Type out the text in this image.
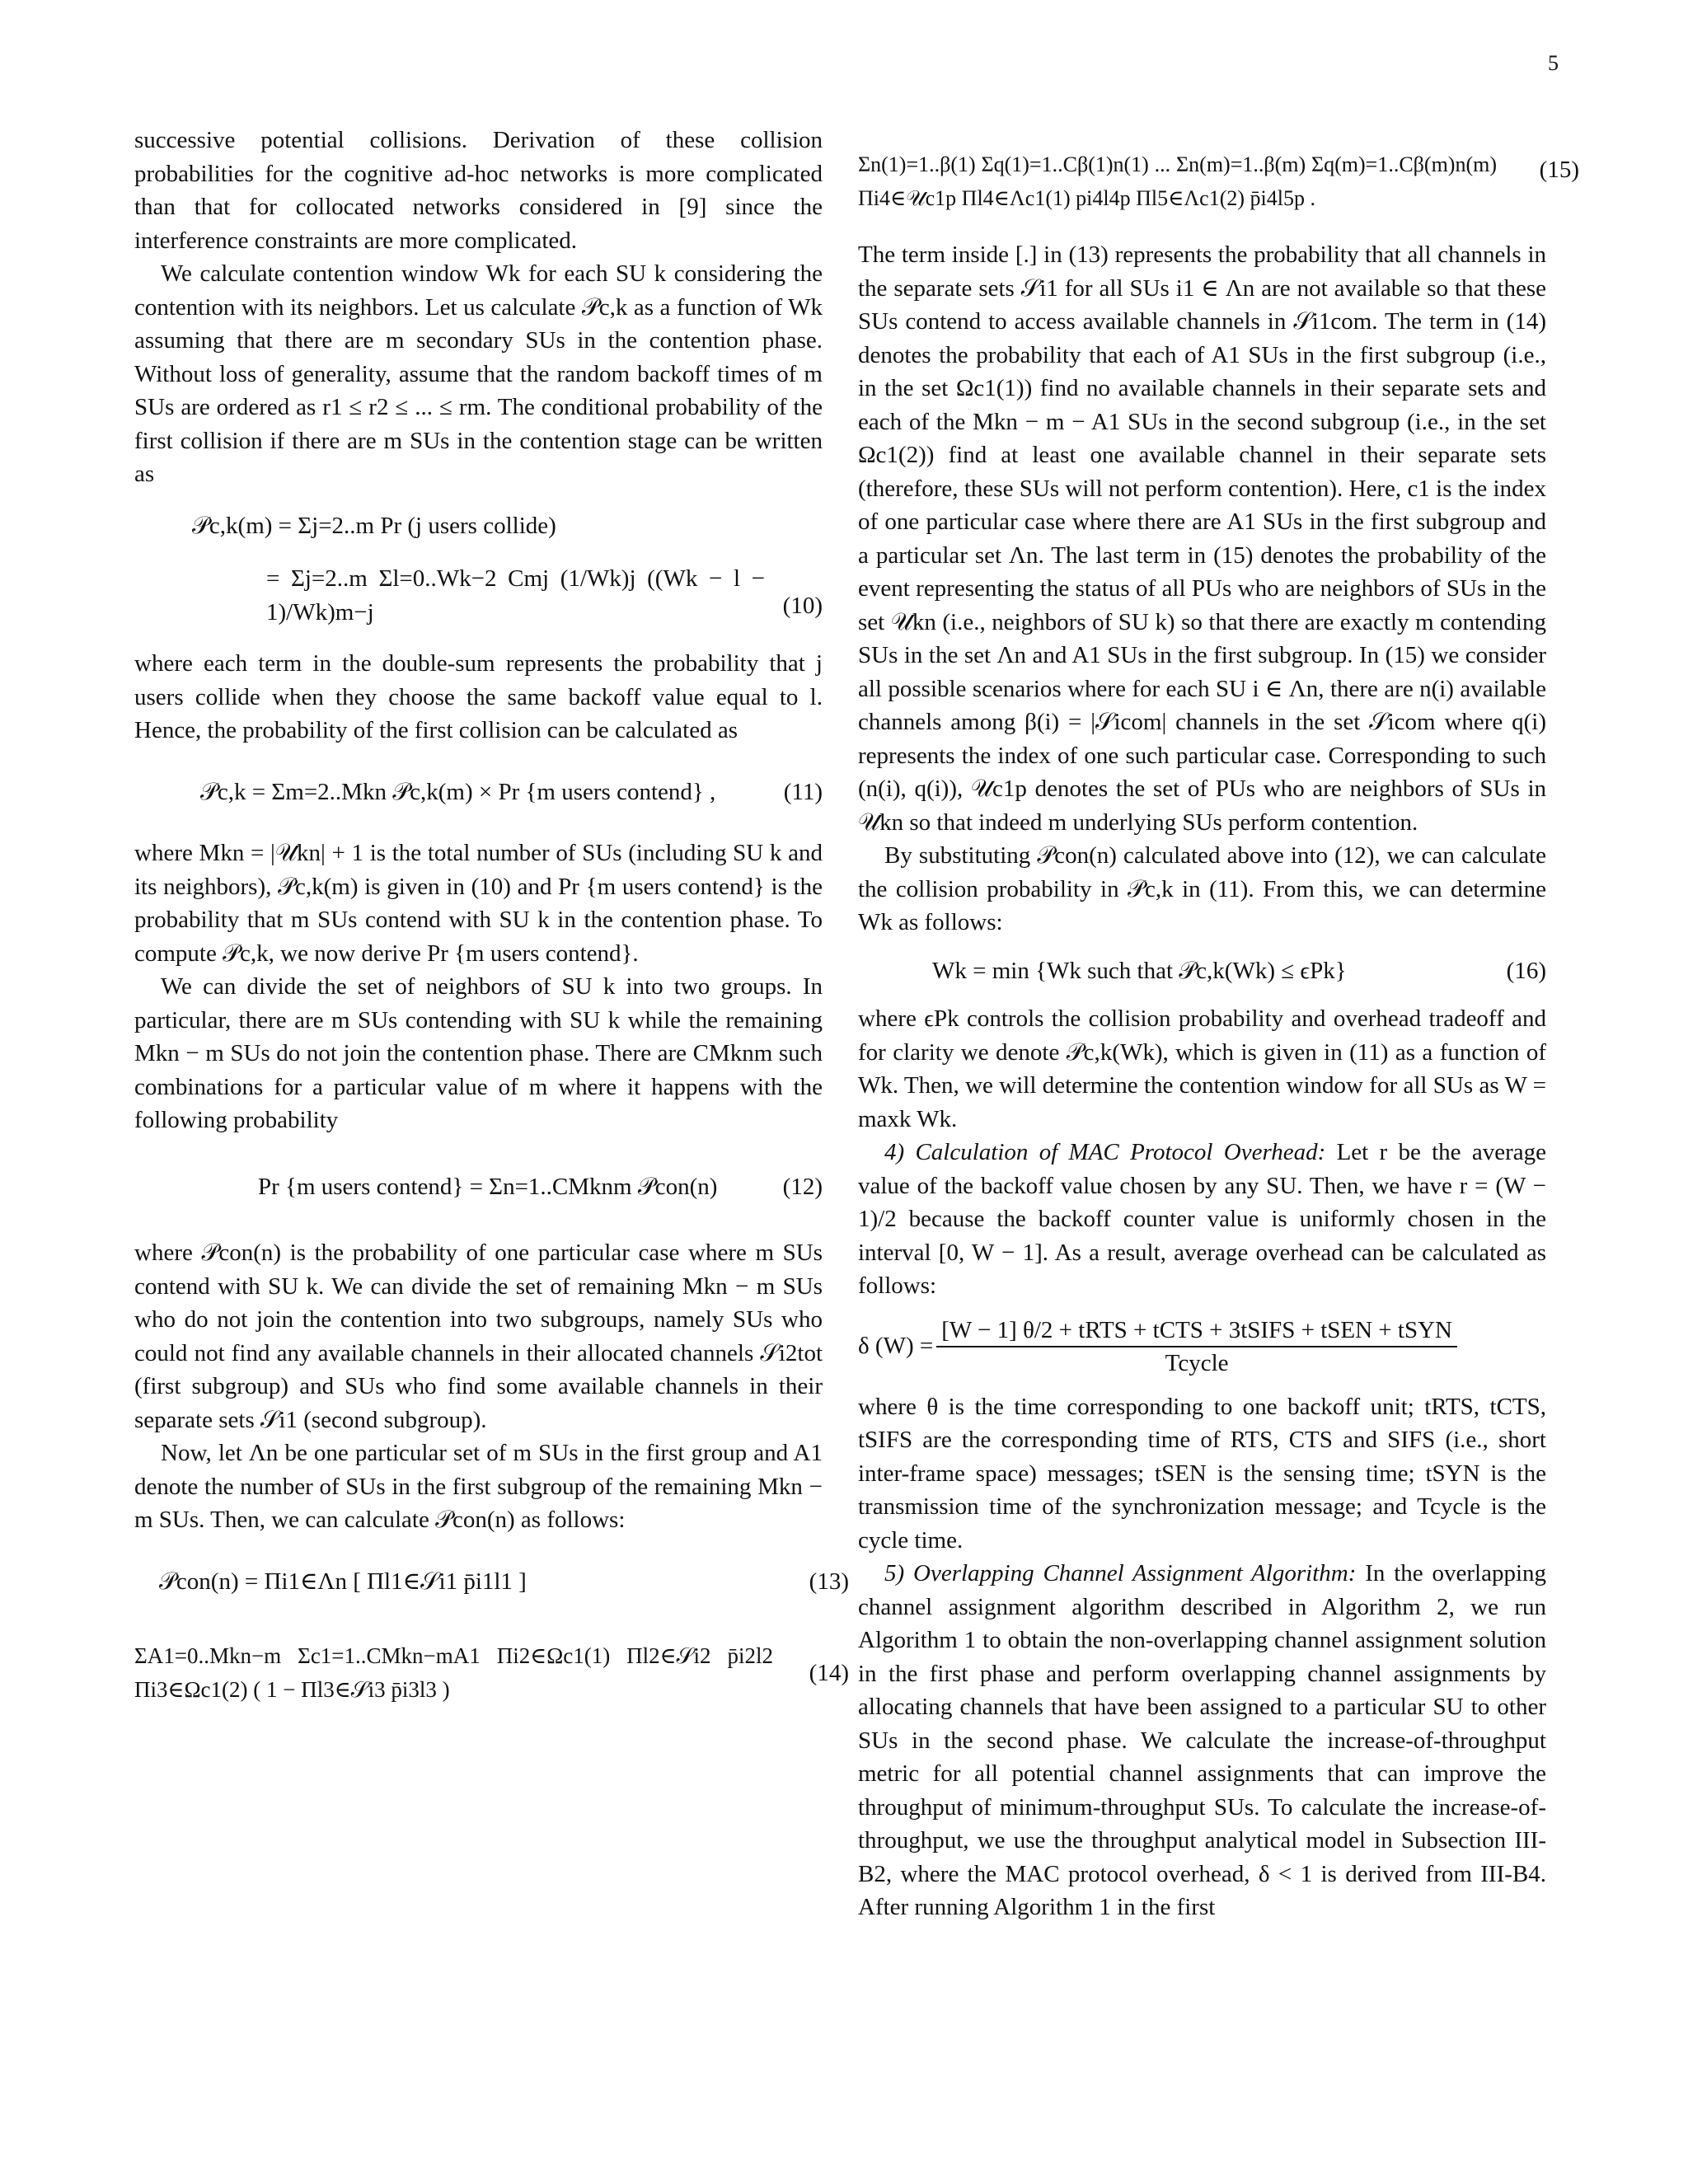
5

successive potential collisions. Derivation of these collision probabilities for the cognitive ad-hoc networks is more complicated than that for collocated networks considered in [9] since the interference constraints are more complicated.

We calculate contention window Wk for each SU k considering the contention with its neighbors. Let us calculate 𝒫c,k as a function of Wk assuming that there are m secondary SUs in the contention phase. Without loss of generality, assume that the random backoff times of m SUs are ordered as r1 ≤ r2 ≤ ... ≤ rm. The conditional probability of the first collision if there are m SUs in the contention stage can be written as

𝒫c,k(m) = Σj=2..m Pr (j users collide)
= Σj=2..m Σl=0..Wk−2 Cmj (1/Wk)j ((Wk − l − 1)/Wk)m−j	(10)

where each term in the double-sum represents the probability that j users collide when they choose the same backoff value equal to l. Hence, the probability of the first collision can be calculated as

𝒫c,k = Σm=2..Mkn 𝒫c,k(m) × Pr {m users contend} ,	(11)

where Mkn = |𝒰kn| + 1 is the total number of SUs (including SU k and its neighbors), 𝒫c,k(m) is given in (10) and Pr {m users contend} is the probability that m SUs contend with SU k in the contention phase. To compute 𝒫c,k, we now derive Pr {m users contend}.

We can divide the set of neighbors of SU k into two groups. In particular, there are m SUs contending with SU k while the remaining Mkn − m SUs do not join the contention phase. There are CMknm such combinations for a particular value of m where it happens with the following probability

Pr {m users contend} = Σn=1..CMknm 𝒫con(n)	(12)

where 𝒫con(n) is the probability of one particular case where m SUs contend with SU k. We can divide the set of remaining Mkn − m SUs who do not join the contention into two subgroups, namely SUs who could not find any available channels in their allocated channels 𝒮i2tot (first subgroup) and SUs who find some available channels in their separate sets 𝒮i1 (second subgroup).

Now, let Λn be one particular set of m SUs in the first group and A1 denote the number of SUs in the first subgroup of the remaining Mkn − m SUs. Then, we can calculate 𝒫con(n) as follows:

𝒫con(n) = Πi1∈Λn [ Πl1∈𝒮i1 p̄i1l1 ]	(13)
ΣA1=0..Mkn−m Σc1=1..CMkn−mA1 Πi2∈Ωc1(1) Πl2∈𝒮i2 p̄i2l2 Πi3∈Ωc1(2) ( 1 − Πl3∈𝒮i3 p̄i3l3 )
(14)
Σn(1)=1..β(1) Σq(1)=1..Cβ(1)n(1) ... Σn(m)=1..β(m) Σq(m)=1..Cβ(m)n(m) Πi4∈𝒰c1p Πl4∈Λc1(1) pi4l4p Πl5∈Λc1(2) p̄i4l5p .
(15)

The term inside [.] in (13) represents the probability that all channels in the separate sets 𝒮i1 for all SUs i1 ∈ Λn are not available so that these SUs contend to access available channels in 𝒮i1com. The term in (14) denotes the probability that each of A1 SUs in the first subgroup (i.e., in the set Ωc1(1)) find no available channels in their separate sets and each of the Mkn − m − A1 SUs in the second subgroup (i.e., in the set Ωc1(2)) find at least one available channel in their separate sets (therefore, these SUs will not perform contention). Here, c1 is the index of one particular case where there are A1 SUs in the first subgroup and a particular set Λn. The last term in (15) denotes the probability of the event representing the status of all PUs who are neighbors of SUs in the set 𝒰kn (i.e., neighbors of SU k) so that there are exactly m contending SUs in the set Λn and A1 SUs in the first subgroup. In (15) we consider all possible scenarios where for each SU i ∈ Λn, there are n(i) available channels among β(i) = |𝒮icom| channels in the set 𝒮icom where q(i) represents the index of one such particular case. Corresponding to such (n(i), q(i)), 𝒰c1p denotes the set of PUs who are neighbors of SUs in 𝒰kn so that indeed m underlying SUs perform contention.

By substituting 𝒫con(n) calculated above into (12), we can calculate the collision probability in 𝒫c,k in (11). From this, we can determine Wk as follows:

Wk = min {Wk such that 𝒫c,k(Wk) ≤ ϵPk}	(16)

where ϵPk controls the collision probability and overhead tradeoff and for clarity we denote 𝒫c,k(Wk), which is given in (11) as a function of Wk. Then, we will determine the contention window for all SUs as W = maxk Wk.

4) Calculation of MAC Protocol Overhead: Let r be the average value of the backoff value chosen by any SU. Then, we have r = (W − 1)/2 because the backoff counter value is uniformly chosen in the interval [0, W − 1]. As a result, average overhead can be calculated as follows:

δ $(W) = \frac{\text{[W − 1] θ/2 + tRTS + tCTS + 3tSIFS + tSEN + tSYN}}{\text{Tcycle}}$

where θ is the time corresponding to one backoff unit; tRTS, tCTS, tSIFS are the corresponding time of RTS, CTS and SIFS (i.e., short inter-frame space) messages; tSEN is the sensing time; tSYN is the transmission time of the synchronization message; and Tcycle is the cycle time.

5) Overlapping Channel Assignment Algorithm: In the overlapping channel assignment algorithm described in Algorithm 2, we run Algorithm 1 to obtain the non-overlapping channel assignment solution in the first phase and perform overlapping channel assignments by allocating channels that have been assigned to a particular SU to other SUs in the second phase. We calculate the increase-of-throughput metric for all potential channel assignments that can improve the throughput of minimum-throughput SUs. To calculate the increase-of-throughput, we use the throughput analytical model in Subsection III-B2, where the MAC protocol overhead, δ < 1 is derived from III-B4. After running Algorithm 1 in the first
